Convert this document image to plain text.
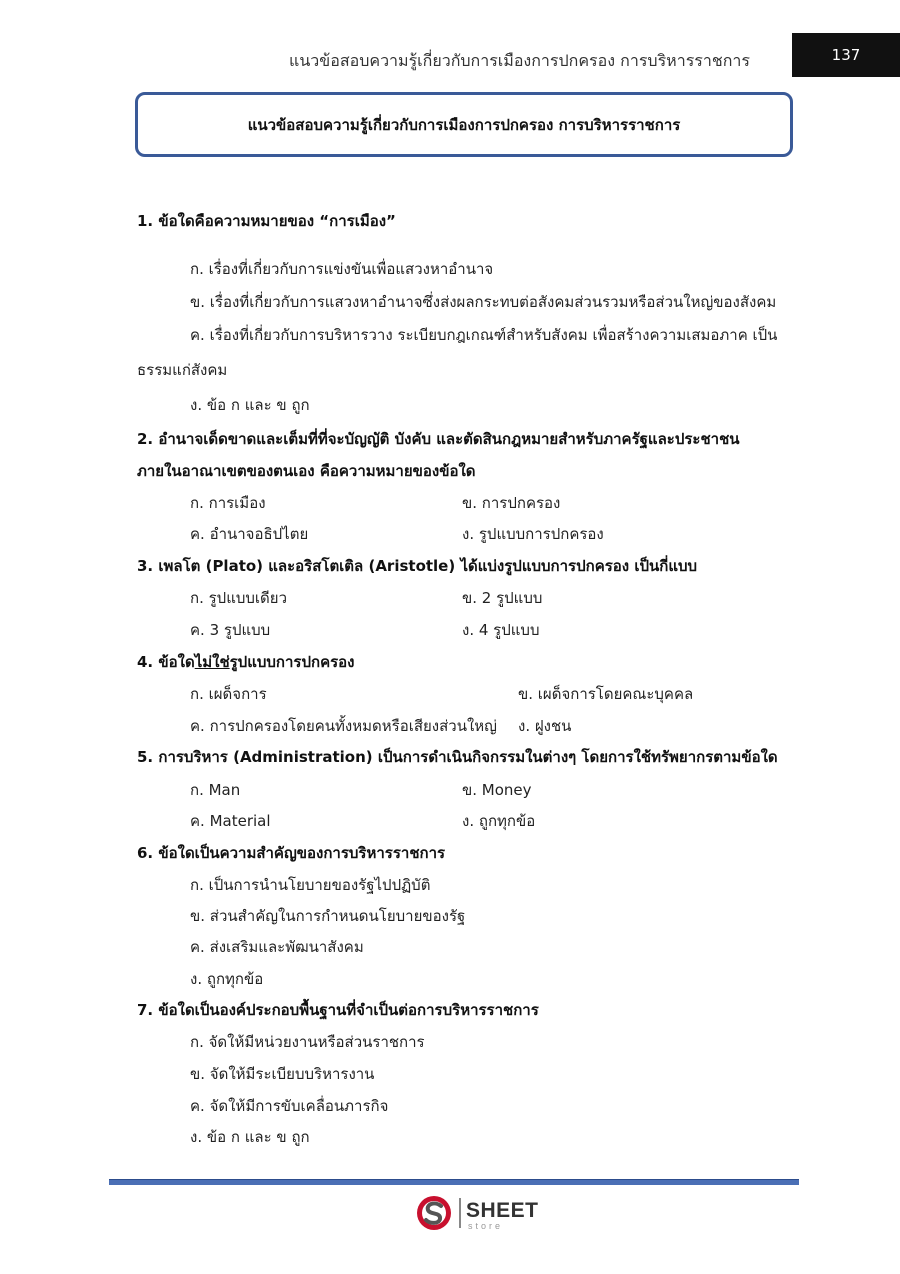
แนวข้อสอบความรู้เกี่ยวกับการเมืองการปกครอง การบริหารราชการ	137
แนวข้อสอบความรู้เกี่ยวกับการเมืองการปกครอง การบริหารราชการ
1. ข้อใดคือความหมายของ “การเมือง”
ก. เรื่องที่เกี่ยวกับการแข่งขันเพื่อแสวงหาอำนาจ
ข. เรื่องที่เกี่ยวกับการแสวงหาอำนาจซึ่งส่งผลกระทบต่อสังคมส่วนรวมหรือส่วนใหญ่ของสังคม
ค. เรื่องที่เกี่ยวกับการบริหารวาง ระเบียบกฎเกณฑ์สำหรับสังคม เพื่อสร้างความเสมอภาค เป็น
ธรรมแก่สังคม
ง. ข้อ ก และ ข ถูก
2. อำนาจเด็ดขาดและเต็มที่ที่จะบัญญัติ บังคับ และตัดสินกฎหมายสำหรับภาครัฐและประชาชน
ภายในอาณาเขตของตนเอง คือความหมายของข้อใด
ก. การเมือง	ข. การปกครอง
ค. อำนาจอธิปไตย	ง. รูปแบบการปกครอง
3. เพลโต (Plato) และอริสโตเติล (Aristotle) ได้แบ่งรูปแบบการปกครอง เป็นกี่แบบ
ก. รูปแบบเดียว	ข. 2 รูปแบบ
ค. 3 รูปแบบ	ง. 4 รูปแบบ
4. ข้อใดไม่ใช่รูปแบบการปกครอง
ก. เผด็จการ	ข. เผด็จการโดยคณะบุคคล
ค. การปกครองโดยคนทั้งหมดหรือเสียงส่วนใหญ่ ง. ฝูงชน
5. การบริหาร (Administration) เป็นการดำเนินกิจกรรมในต่างๆ โดยการใช้ทรัพยากรตามข้อใด
ก. Man	ข. Money
ค. Material	ง. ถูกทุกข้อ
6. ข้อใดเป็นความสำคัญของการบริหารราชการ
ก. เป็นการนำนโยบายของรัฐไปปฏิบัติ
ข. ส่วนสำคัญในการกำหนดนโยบายของรัฐ
ค. ส่งเสริมและพัฒนาสังคม
ง. ถูกทุกข้อ
7. ข้อใดเป็นองค์ประกอบพื้นฐานที่จำเป็นต่อการบริหารราชการ
ก. จัดให้มีหน่วยงานหรือส่วนราชการ
ข. จัดให้มีระเบียบบริหารงาน
ค. จัดให้มีการขับเคลื่อนภารกิจ
ง. ข้อ ก และ ข ถูก
SHEET
store
